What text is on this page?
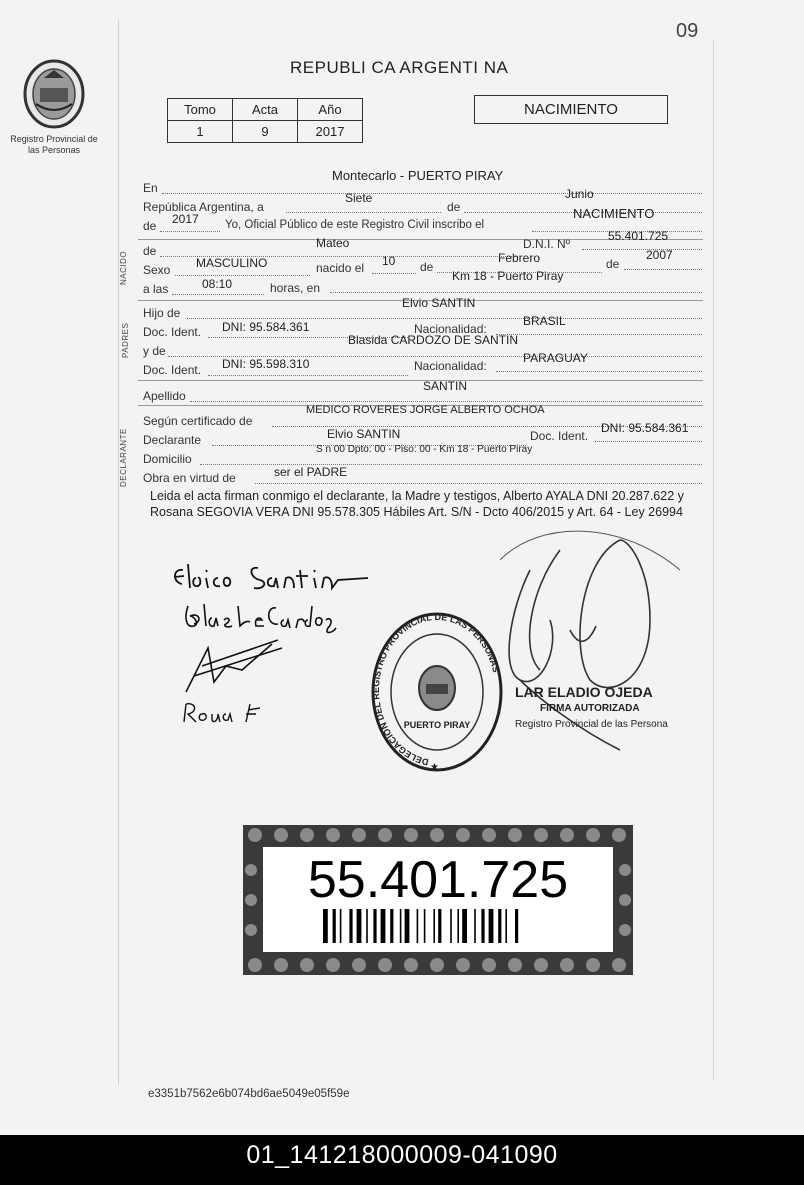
09
Registro Provincial de las Personas
REPUBLI CA ARGENTI NA
Tomo	Acta	Año
1	9	2017
NACIMIENTO
En
Montecarlo - PUERTO PIRAY
República Argentina, a
Siete
de
Junio
de 2017 Yo, Oficial Público de este Registro Civil inscribo el
NACIMIENTO
NACIDO de
Mateo	D.N.I. Nº
55.401.725
Sexo MASCULINO	nacido el 10 de
Febrero	de
2007
a las	08:10	horas, en
Km 18 - Puerto Piray
PADRES
Hijo de
Elvio SANTIN
Doc. Ident. DNI: 95.584.361	Nacionalidad:
BRASIL
y de
Blasida CARDOZO DE SANTIN
Doc. Ident. DNI: 95.598.310	Nacionalidad:
PARAGUAY
Apellido
SANTIN
DECLARANTE
Según certificado de
MEDICO ROVERES JORGE ALBERTO OCHOA
Declarante	Elvio SANTIN	Doc. Ident.
DNI: 95.584.361
Domicilio
S n 00 Dpto: 00 - Piso: 00 - Km 18 - Puerto Piray
Obra en virtud de	ser el PADRE
Leida el acta firman conmigo el declarante, la Madre y testigos, Alberto AYALA DNI 20.287.622 y Rosana SEGOVIA VERA DNI 95.578.305 Hábiles Art. S/N - Dcto 406/2015 y Art. 64 - Ley 26994
DELEGACIÓN DEL REGISTRO PROVINCIAL DE LAS PERSONAS
PUERTO PIRAY
★
LAR ELADIO OJEDA
FIRMA AUTORIZADA
Registro Provincial de las Persona
55.401.725
e3351b7562e6b074bd6ae5049e05f59e
01_141218000009-041090
